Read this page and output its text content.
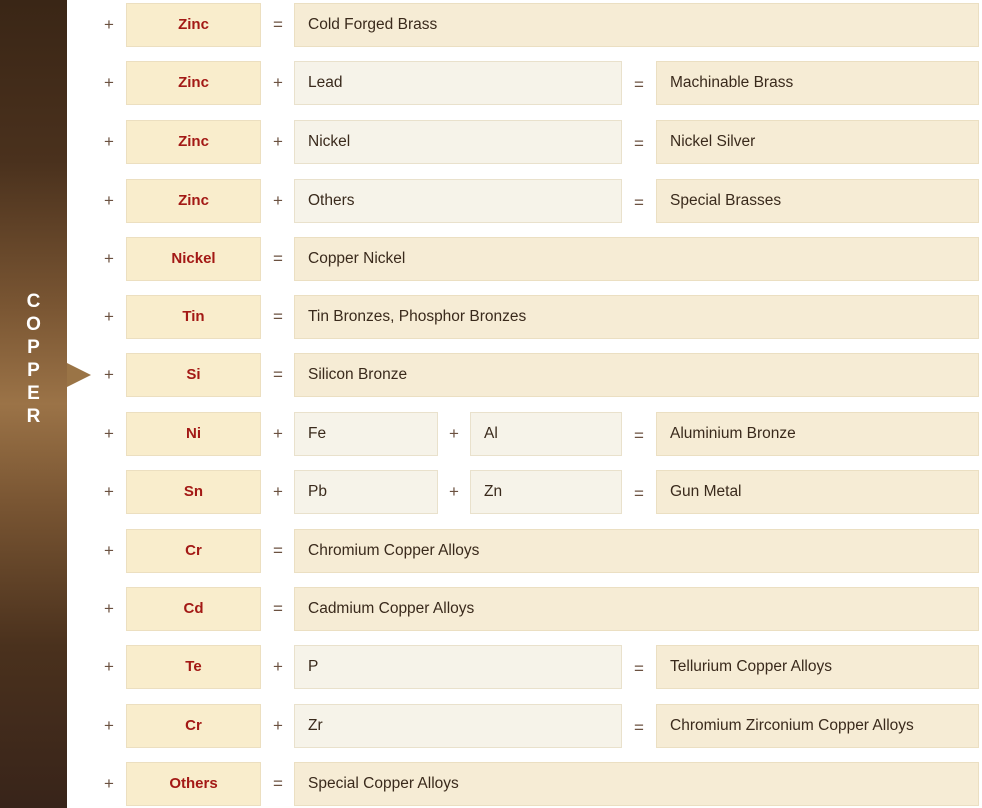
C
O
P
P
E
R
+	Zinc	=	Cold Forged Brass
+	Zinc	+	Lead	=	Machinable Brass
+	Zinc	+	Nickel	=	Nickel Silver
+	Zinc	+	Others	=	Special Brasses
+	Nickel	=	Copper Nickel
+	Tin	=	Tin Bronzes, Phosphor Bronzes
+	Si	=	Silicon Bronze
+	Ni	+	Fe	+	Al	=	Aluminium Bronze
+	Sn	+	Pb	+	Zn	=	Gun Metal
+	Cr	=	Chromium Copper Alloys
+	Cd	=	Cadmium Copper Alloys
+	Te	+	P	=	Tellurium Copper Alloys
+	Cr	+	Zr	=	Chromium Zirconium Copper Alloys
+	Others	=	Special Copper Alloys
